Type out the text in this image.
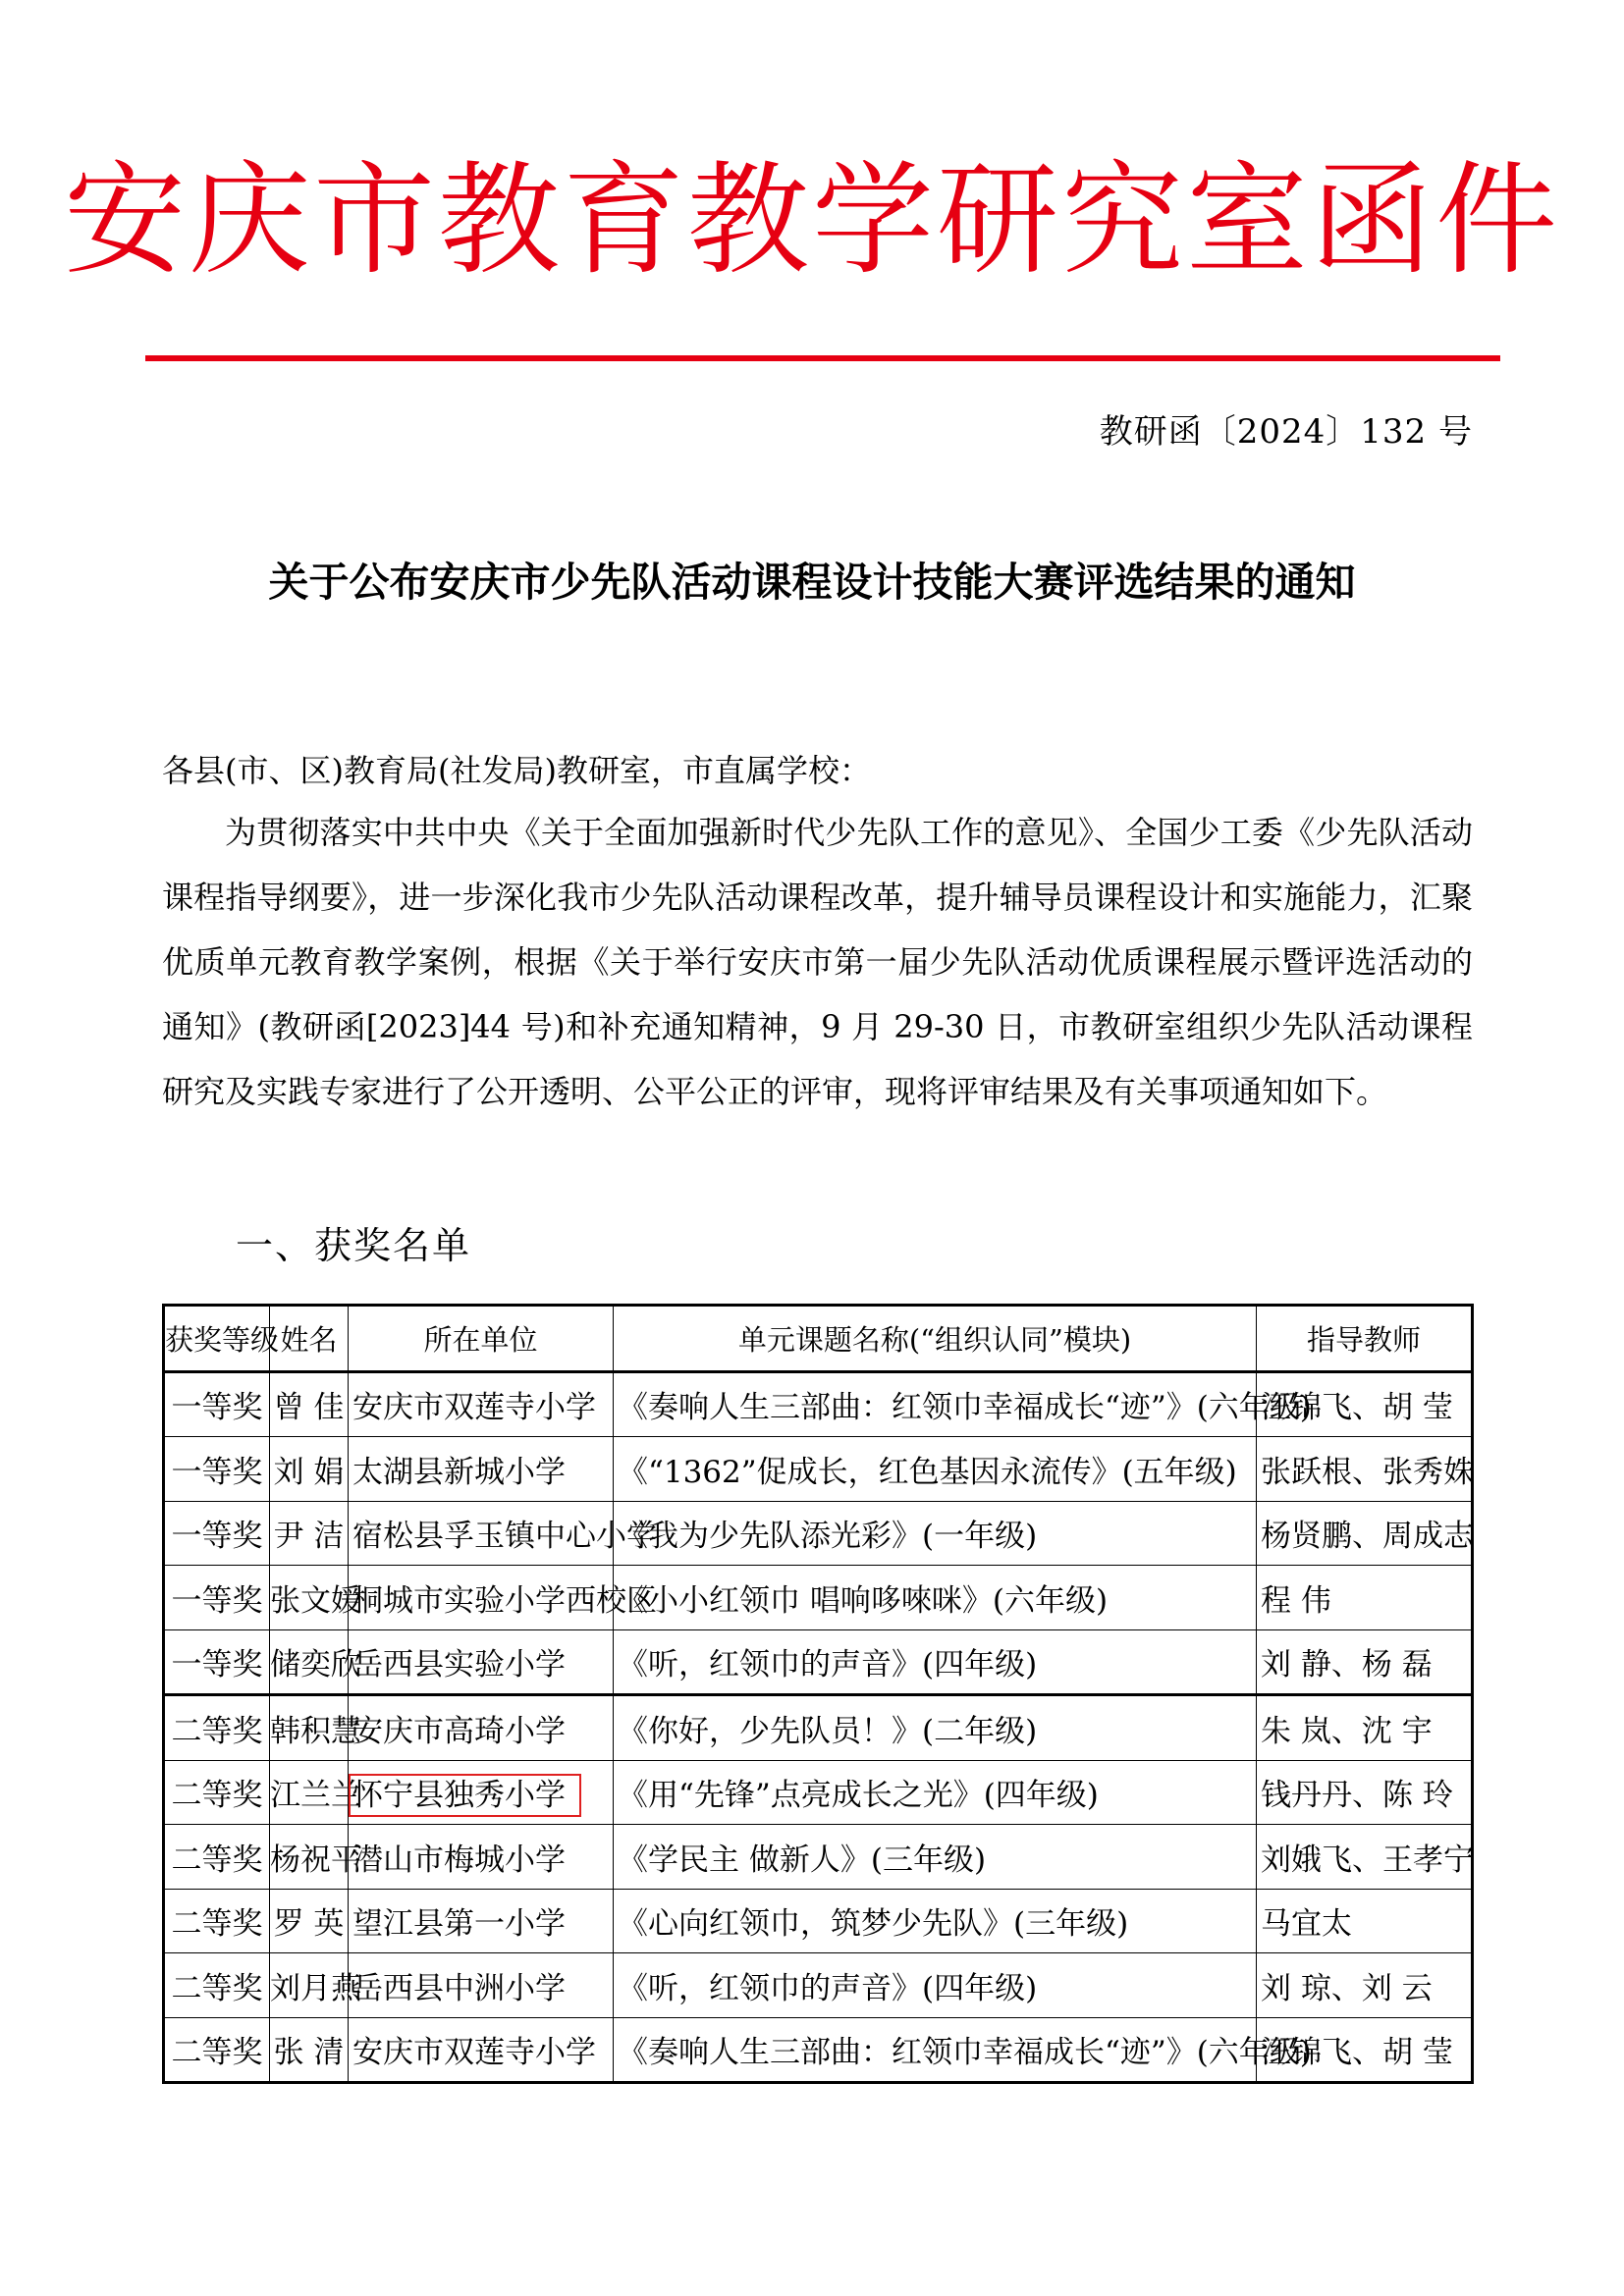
安庆市教育教学研究室函件
教研函〔2024〕132 号
关于公布安庆市少先队活动课程设计技能大赛评选结果的通知
各县(市、区)教育局(社发局)教研室，市直属学校：
为贯彻落实中共中央《关于全面加强新时代少先队工作的意见》、全国少工委《少先队活动课程指导纲要》，进一步深化我市少先队活动课程改革，提升辅导员课程设计和实施能力，汇聚优质单元教育教学案例，根据《关于举行安庆市第一届少先队活动优质课程展示暨评选活动的通知》(教研函[2023]44 号)和补充通知精神，9 月 29-30 日，市教研室组织少先队活动课程研究及实践专家进行了公开透明、公平公正的评审，现将评审结果及有关事项通知如下。
一、获奖名单
获奖等级	姓名	所在单位	单元课题名称(“组织认同”模块)	指导教师
一等奖	曾 佳	安庆市双莲寺小学	《奏响人生三部曲：红领巾幸福成长“迹”》(六年级)	汪锦飞、胡 莹
一等奖	刘 娟	太湖县新城小学	《“1362”促成长，红色基因永流传》(五年级)	张跃根、张秀姝
一等奖	尹 洁	宿松县孚玉镇中心小学	《我为少先队添光彩》(一年级)	杨贤鹏、周成志
一等奖	张文媛	桐城市实验小学西校区	《小小红领巾 唱响哆唻咪》(六年级)	程 伟
一等奖	储奕欣	岳西县实验小学	《听，红领巾的声音》(四年级)	刘 静、杨 磊
二等奖	韩积慧	安庆市高琦小学	《你好，少先队员！》(二年级)	朱 岚、沈 宇
二等奖	江兰兰	怀宁县独秀小学	《用“先锋”点亮成长之光》(四年级)	钱丹丹、陈 玲
二等奖	杨祝平	潜山市梅城小学	《学民主 做新人》(三年级)	刘娥飞、王孝宁
二等奖	罗 英	望江县第一小学	《心向红领巾，筑梦少先队》(三年级)	马宜太
二等奖	刘月燕	岳西县中洲小学	《听，红领巾的声音》(四年级)	刘 琼、刘 云
二等奖	张 清	安庆市双莲寺小学	《奏响人生三部曲：红领巾幸福成长“迹”》(六年级)	汪锦飞、胡 莹
